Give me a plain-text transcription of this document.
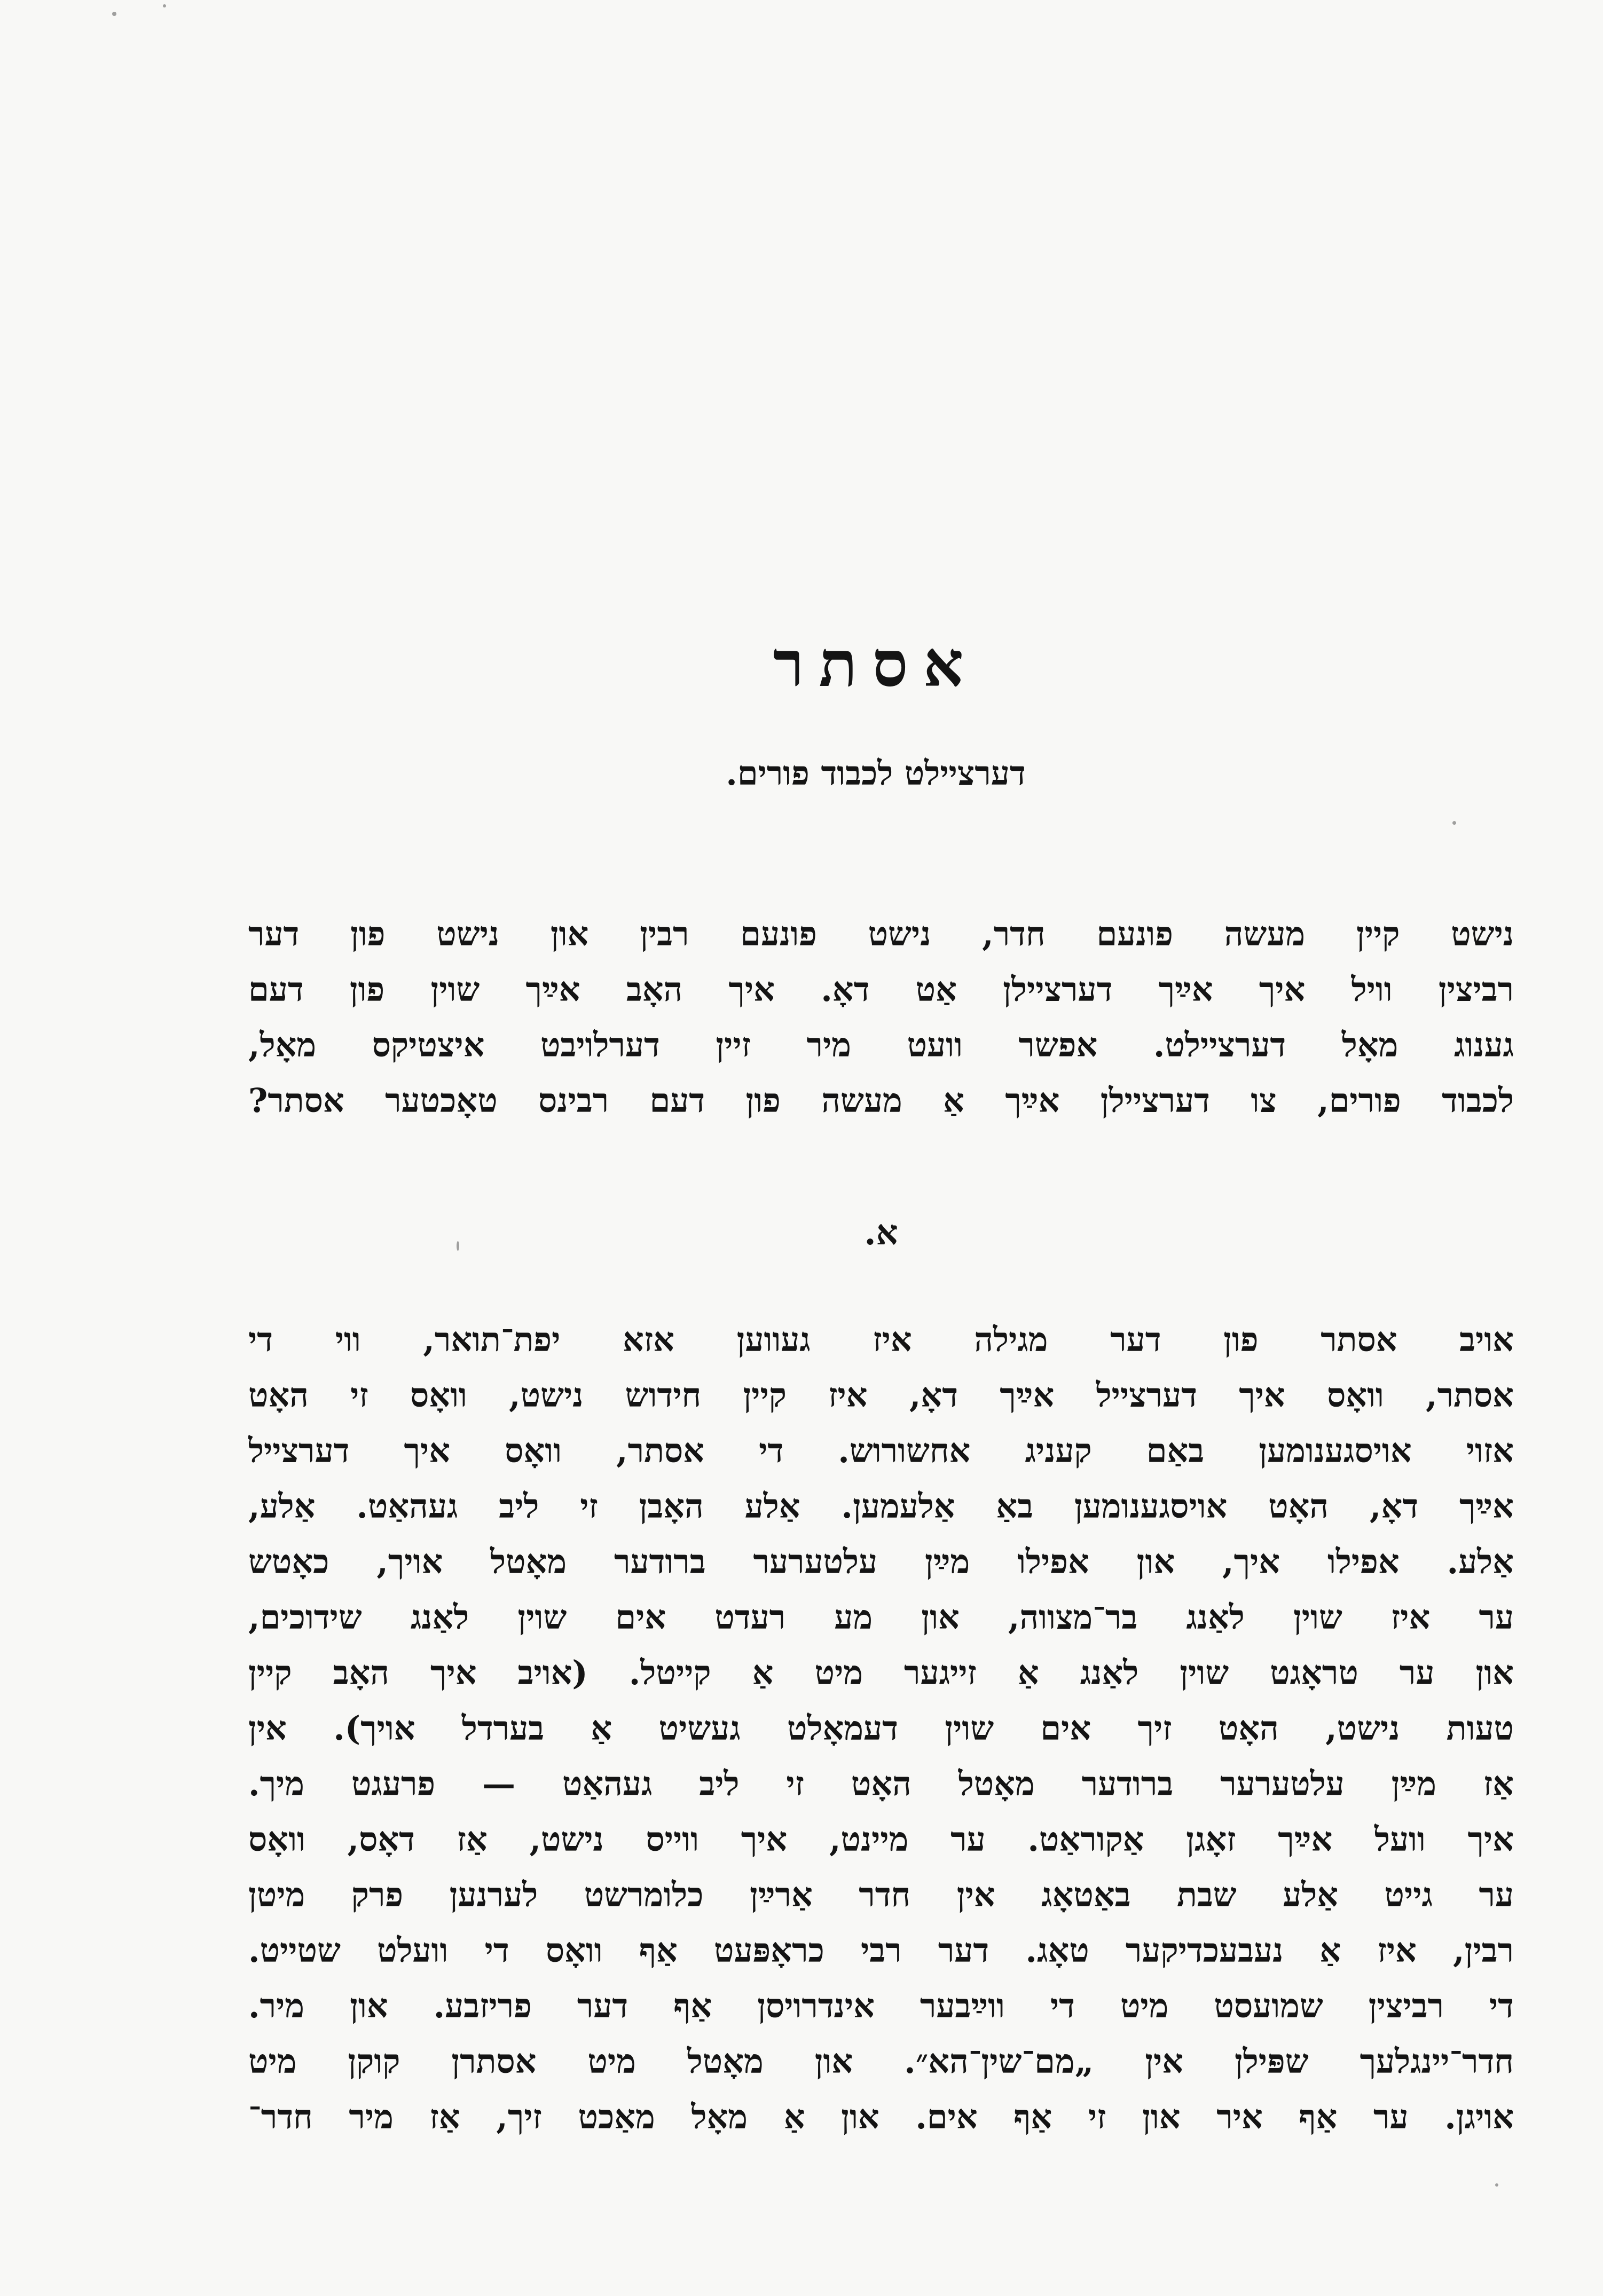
אסתר
דערציילט לכבוד פורים.
נישט קיין מעשה פונעם חדר, נישט פונעם רבין און נישט פון דער
רביצין וויל איך אײַך דערציילן אַט דאָ. איך האָב אײַך שוין פון דעם
גענוג מאָל דערציילט. אפשר וועט מיר זיין דערלויבט איצטיקס מאָל,
לכבוד פורים, צו דערציילן אײַך אַ מעשה פון דעם רבינס טאָכטער אסתר?
א.
אויב אסתר פון דער מגילה איז געווען אזא יפת־תואר, ווי די
אסתר, וואָס איך דערצייל אײַך דאָ, איז קיין חידוש נישט, וואָס זי האָט
אזוי אויסגענומען באַם קעניג אחשורוש. די אסתר, וואָס איך דערצייל
אײַך דאָ, האָט אויסגענומען באַ אַלעמען. אַלע האָבן זי ליב געהאַט. אַלע,
אַלע. אפילו איך, און אפילו מײַן עלטערער ברודער מאָטל אויך, כאָטש
ער איז שוין לאַנג בר־מצווה, און מע רעדט אים שוין לאַנג שידוכים,
און ער טראָגט שוין לאַנג אַ זייגער מיט אַ קייטל. (אויב איך האָב קיין
טעות נישט, האָט זיך אים שוין דעמאָלט געשיט אַ בערדל אויך). אין
אַז מײַן עלטערער ברודער מאָטל האָט זי ליב געהאַט — פרעגט מיך.
איך וועל אײַך זאָגן אַקוראַט. ער מיינט, איך ווייס נישט, אַז דאָס, וואָס
ער גייט אַלע שבת באַטאָג אין חדר אַרײַן כלומרשט לערנען פרק מיטן
רבין, איז אַ נעבעכדיקער טאָג. דער רבי כראָפּעט אַף וואָס די וועלט שטייט.
די רביצין שמועסט מיט די ווײַבער אינדרויסן אַף דער פריזבע. און מיר.
חדר־יינגלעך שפּילן אין „מם־שין־הא״. און מאָטל מיט אסתרן קוקן מיט
אויגן. ער אַף איר און זי אַף אים. און אַ מאָל מאַכט זיך, אַז מיר חדר־
